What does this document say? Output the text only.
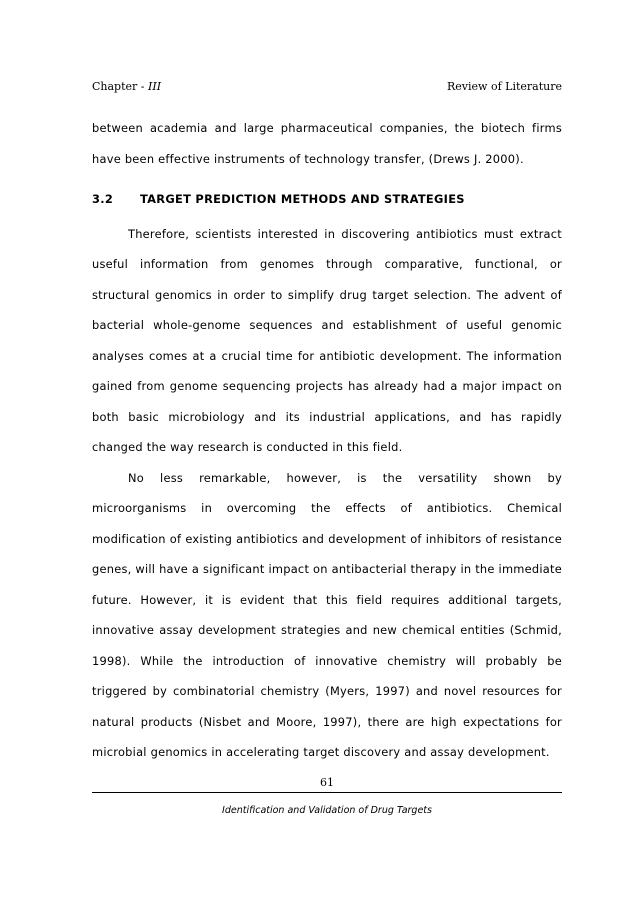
Chapter - III	Review of Literature

between academia and large pharmaceutical companies, the biotech firms have been effective instruments of technology transfer, (Drews J. 2000).

3.2	TARGET PREDICTION METHODS AND STRATEGIES

Therefore, scientists interested in discovering antibiotics must extract useful information from genomes through comparative, functional, or structural genomics in order to simplify drug target selection. The advent of bacterial whole-genome sequences and establishment of useful genomic analyses comes at a crucial time for antibiotic development. The information gained from genome sequencing projects has already had a major impact on both basic microbiology and its industrial applications, and has rapidly changed the way research is conducted in this field.

No less remarkable, however, is the versatility shown by microorganisms in overcoming the effects of antibiotics. Chemical modification of existing antibiotics and development of inhibitors of resistance genes, will have a significant impact on antibacterial therapy in the immediate future. However, it is evident that this field requires additional targets, innovative assay development strategies and new chemical entities (Schmid, 1998). While the introduction of innovative chemistry will probably be triggered by combinatorial chemistry (Myers, 1997) and novel resources for natural products (Nisbet and Moore, 1997), there are high expectations for microbial genomics in accelerating target discovery and assay development.

61
Identification and Validation of Drug Targets
